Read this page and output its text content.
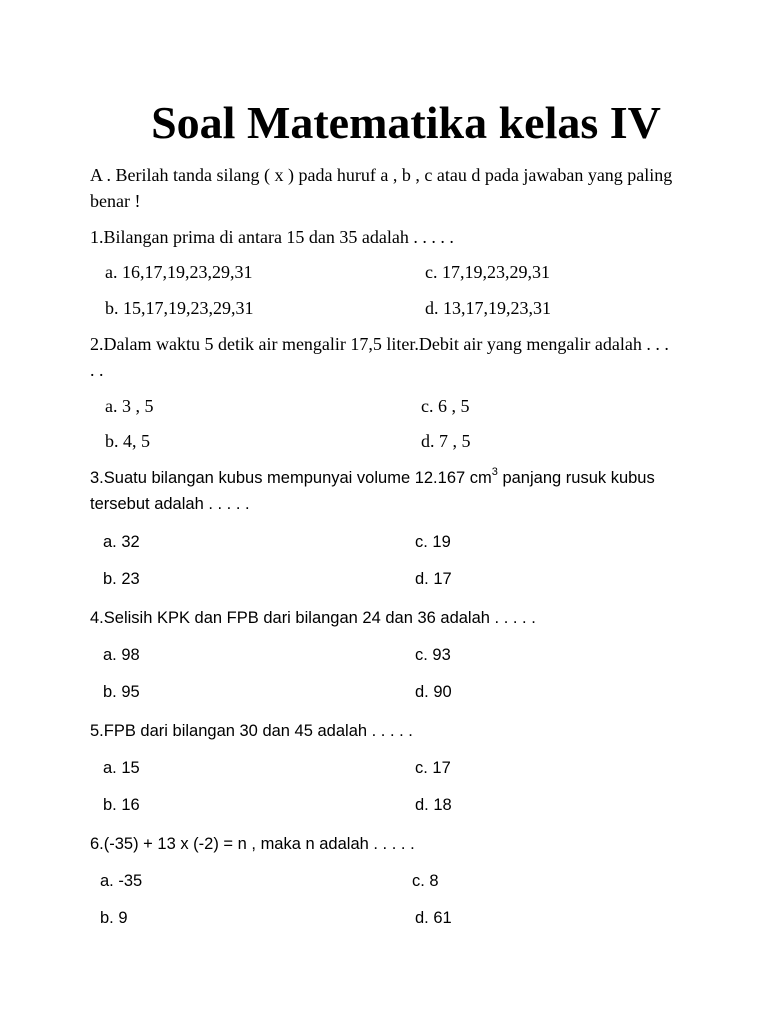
Soal Matematika kelas IV
A . Berilah tanda silang ( x ) pada huruf a , b , c atau d pada jawaban yang paling benar !
1.Bilangan prima di antara 15 dan 35 adalah . . . . .
a. 16,17,19,23,29,31	c. 17,19,23,29,31
b. 15,17,19,23,29,31	d. 13,17,19,23,31
2.Dalam waktu 5 detik air mengalir 17,5 liter.Debit air yang mengalir adalah . . . . .
a. 3 , 5	c. 6 , 5
b. 4, 5	d. 7 , 5
3.Suatu bilangan kubus mempunyai volume 12.167 $cm^3$ panjang rusuk kubus tersebut adalah . . . . .
a. 32	c. 19
b. 23	d. 17
4.Selisih KPK dan FPB dari bilangan 24 dan 36 adalah . . . . .
a. 98	c. 93
b. 95	d. 90
5.FPB dari bilangan 30 dan 45 adalah . . . . .
a. 15	c. 17
b. 16	d. 18
6.(-35) + 13 x (-2) = n , maka n adalah . . . . .
a. -35	c. 8
b. 9	d. 61
